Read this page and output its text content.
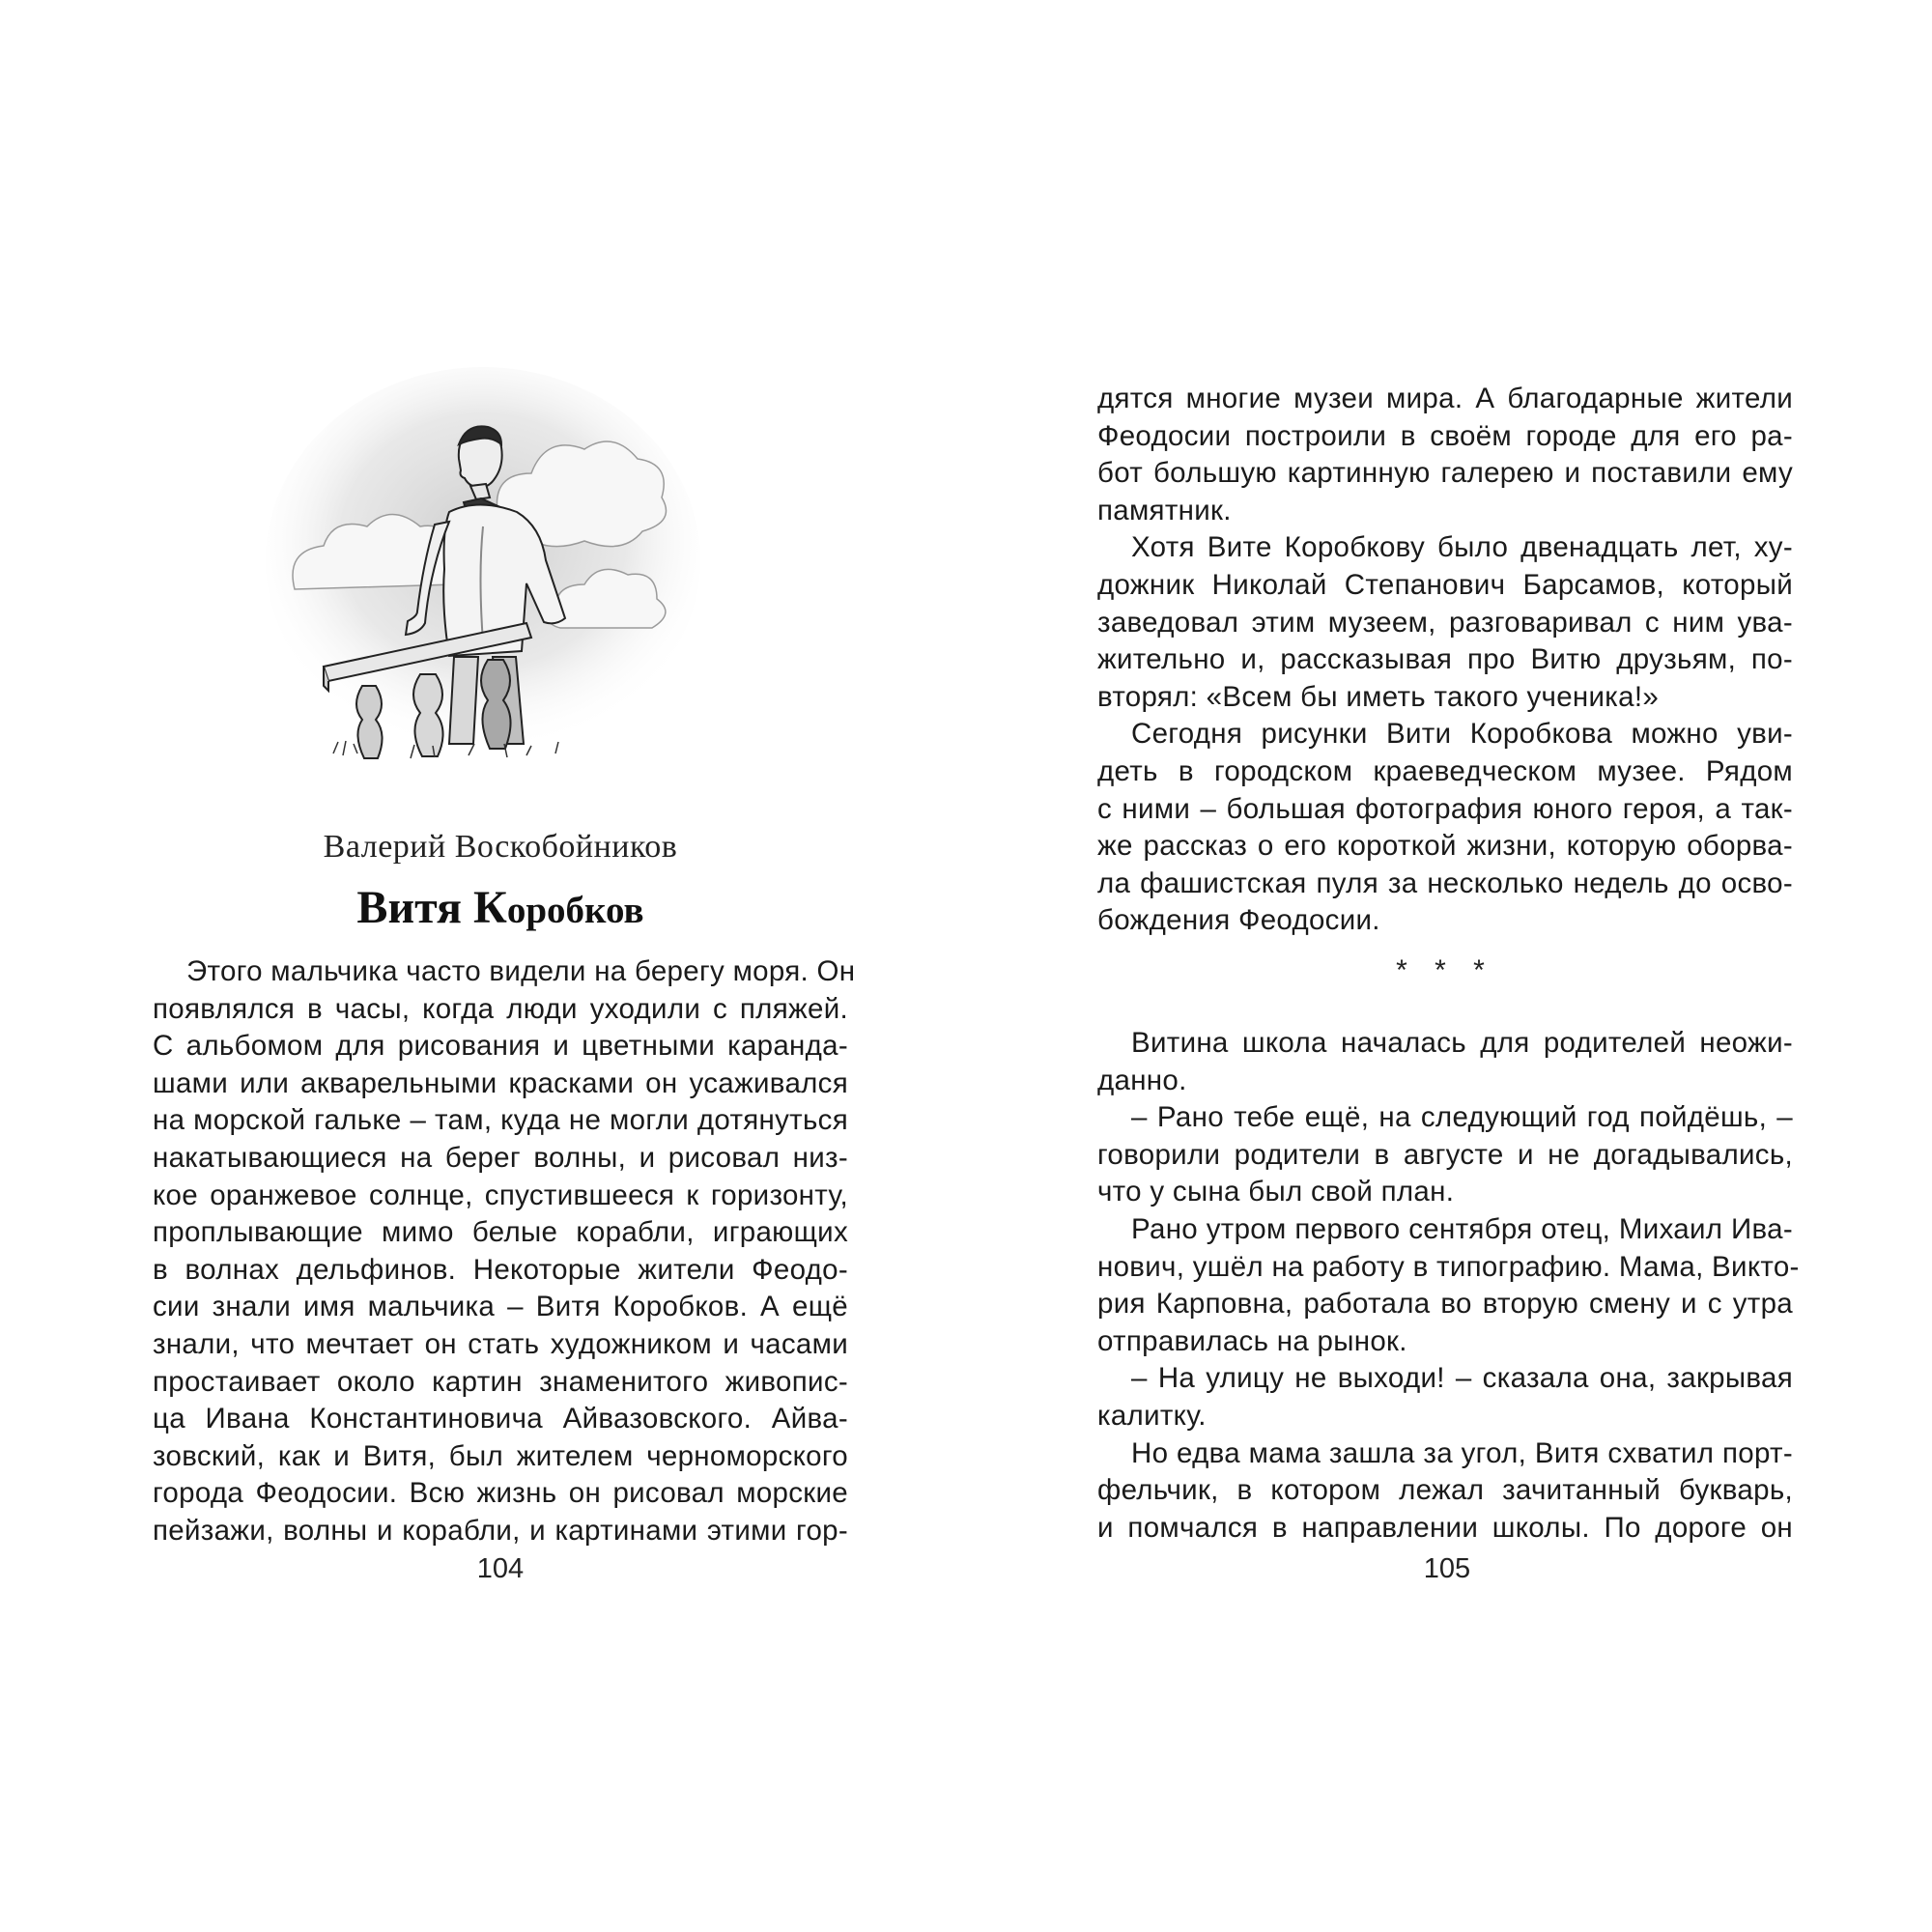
Валерий Воскобойников
Витя Коробков
Этого мальчика часто видели на берегу моря. Он
появлялся в часы, когда люди уходили с пляжей.
С альбомом для рисования и цветными каранда-
шами или акварельными красками он усаживался
на морской гальке – там, куда не могли дотянуться
накатывающиеся на берег волны, и рисовал низ-
кое оранжевое солнце, спустившееся к горизонту,
проплывающие мимо белые корабли, играющих
в волнах дельфинов. Некоторые жители Феодо-
сии знали имя мальчика – Витя Коробков. А ещё
знали, что мечтает он стать художником и часами
простаивает около картин знаменитого живопис-
ца Ивана Константиновича Айвазовского. Айва-
зовский, как и Витя, был жителем черноморского
города Феодосии. Всю жизнь он рисовал морские
пейзажи, волны и корабли, и картинами этими гор-
104
дятся многие музеи мира. А благодарные жители
Феодосии построили в своём городе для его ра-
бот большую картинную галерею и поставили ему
памятник.
Хотя Вите Коробкову было двенадцать лет, ху-
дожник Николай Степанович Барсамов, который
заведовал этим музеем, разговаривал с ним ува-
жительно и, рассказывая про Витю друзьям, по-
вторял: «Всем бы иметь такого ученика!»
Сегодня рисунки Вити Коробкова можно уви-
деть в городском краеведческом музее. Рядом
с ними – большая фотография юного героя, а так-
же рассказ о его короткой жизни, которую оборва-
ла фашистская пуля за несколько недель до осво-
бождения Феодосии.
* * *
Витина школа началась для родителей неожи-
данно.
– Рано тебе ещё, на следующий год пойдёшь, –
говорили родители в августе и не догадывались,
что у сына был свой план.
Рано утром первого сентября отец, Михаил Ива-
нович, ушёл на работу в типографию. Мама, Викто-
рия Карповна, работала во вторую смену и с утра
отправилась на рынок.
– На улицу не выходи! – сказала она, закрывая
калитку.
Но едва мама зашла за угол, Витя схватил порт-
фельчик, в котором лежал зачитанный букварь,
и помчался в направлении школы. По дороге он
105
